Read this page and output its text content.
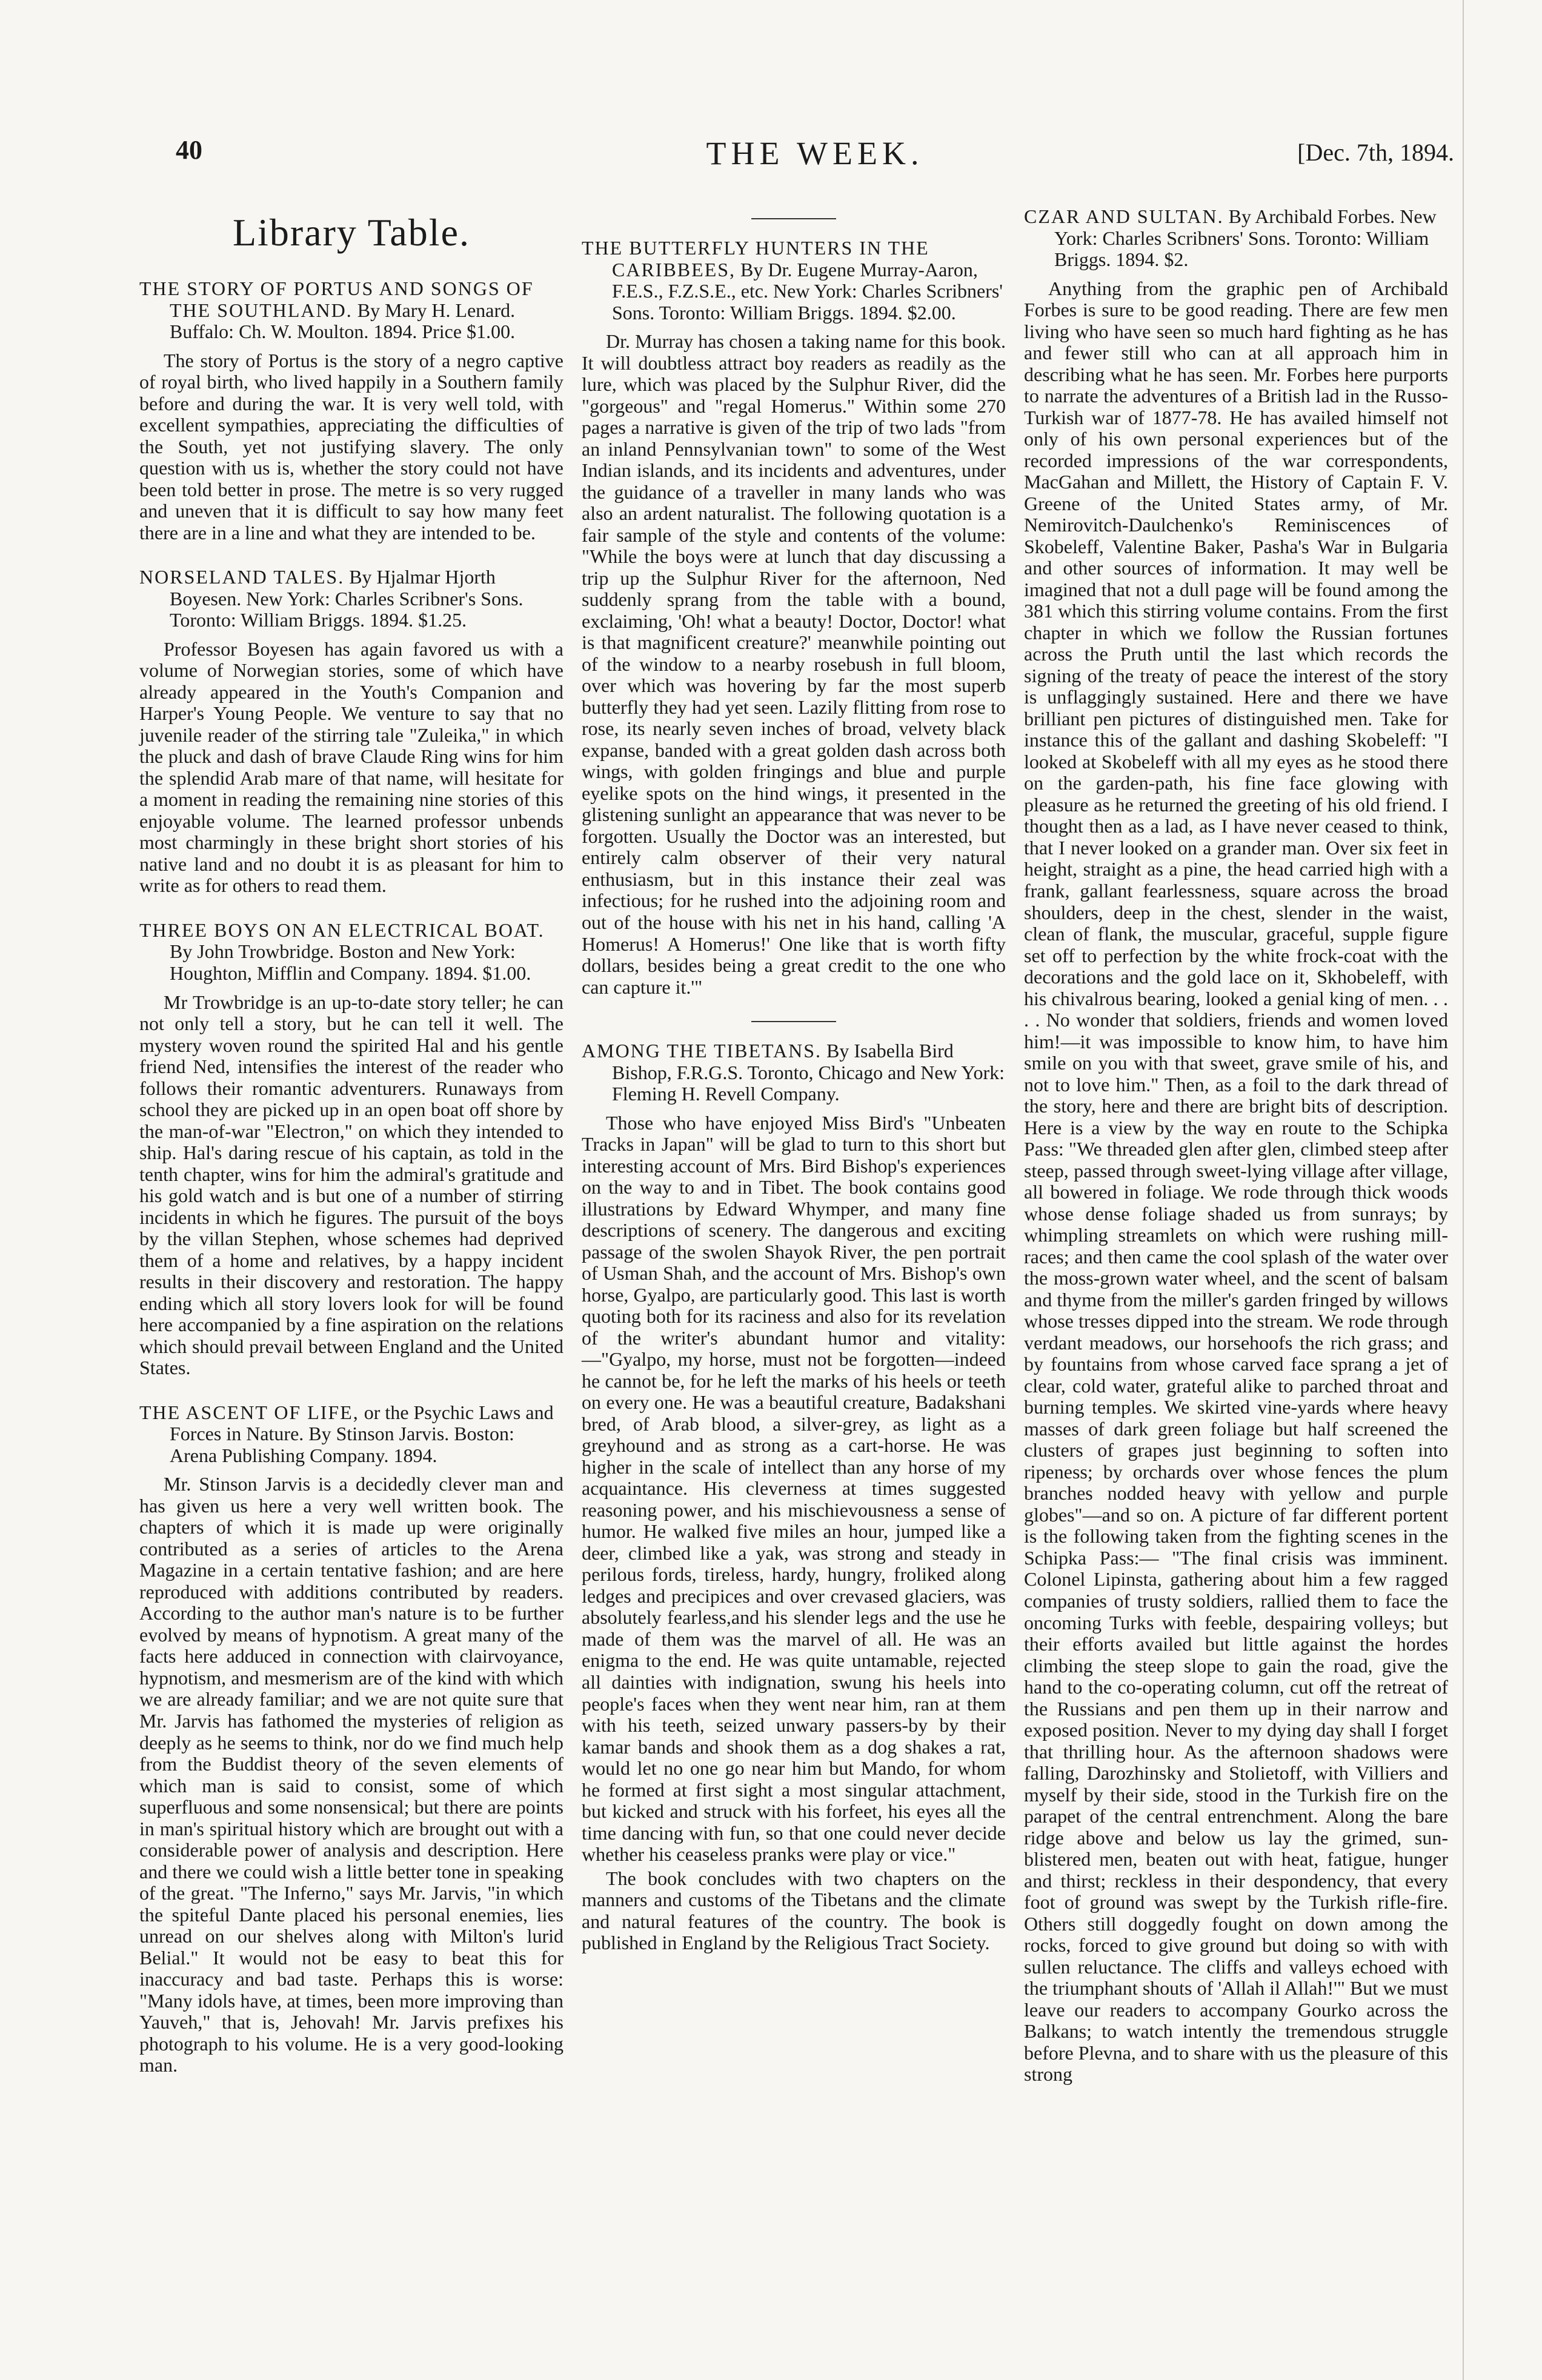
40	THE WEEK.	[Dec. 7th, 1894.
Library Table.
THE STORY OF PORTUS AND SONGS OF THE SOUTHLAND. By Mary H. Lenard. Buffalo: Ch. W. Moulton. 1894. Price $1.00.

The story of Portus is the story of a negro captive of royal birth, who lived happily in a Southern family before and during the war. It is very well told, with excellent sympathies, appreciating the difficulties of the South, yet not justifying slavery. The only question with us is, whether the story could not have been told better in prose. The metre is so very rugged and uneven that it is difficult to say how many feet there are in a line and what they are intended to be.

NORSELAND TALES. By Hjalmar Hjorth Boyesen. New York: Charles Scribner's Sons. Toronto: William Briggs. 1894. $1.25.

Professor Boyesen has again favored us with a volume of Norwegian stories, some of which have already appeared in the Youth's Companion and Harper's Young People. We venture to say that no juvenile reader of the stirring tale "Zuleika," in which the pluck and dash of brave Claude Ring wins for him the splendid Arab mare of that name, will hesitate for a moment in reading the remaining nine stories of this enjoyable volume. The learned professor unbends most charmingly in these bright short stories of his native land and no doubt it is as pleasant for him to write as for others to read them.

THREE BOYS ON AN ELECTRICAL BOAT. By John Trowbridge. Boston and New York: Houghton, Mifflin and Company. 1894. $1.00.

Mr Trowbridge is an up-to-date story teller; he can not only tell a story, but he can tell it well. The mystery woven round the spirited Hal and his gentle friend Ned, intensifies the interest of the reader who follows their romantic adventurers. Runaways from school they are picked up in an open boat off shore by the man-of-war "Electron," on which they intended to ship. Hal's daring rescue of his captain, as told in the tenth chapter, wins for him the admiral's gratitude and his gold watch and is but one of a number of stirring incidents in which he figures. The pursuit of the boys by the villan Stephen, whose schemes had deprived them of a home and relatives, by a happy incident results in their discovery and restoration. The happy ending which all story lovers look for will be found here accompanied by a fine aspiration on the relations which should prevail between England and the United States.

THE ASCENT OF LIFE, or the Psychic Laws and Forces in Nature. By Stinson Jarvis. Boston: Arena Publishing Company. 1894.

Mr. Stinson Jarvis is a decidedly clever man and has given us here a very well written book. The chapters of which it is made up were originally contributed as a series of articles to the Arena Magazine in a certain tentative fashion; and are here reproduced with additions contributed by readers. According to the author man's nature is to be further evolved by means of hypnotism. A great many of the facts here adduced in connection with clairvoyance, hypnotism, and mesmerism are of the kind with which we are already familiar; and we are not quite sure that Mr. Jarvis has fathomed the mysteries of religion as deeply as he seems to think, nor do we find much help from the Buddist theory of the seven elements of which man is said to consist, some of which superfluous and some nonsensical; but there are points in man's spiritual history which are brought out with a considerable power of analysis and description. Here and there we could wish a little better tone in speaking of the great. "The Inferno," says Mr. Jarvis, "in which the spiteful Dante placed his personal enemies, lies unread on our shelves along with Milton's lurid Belial." It would not be easy to beat this for inaccuracy and bad taste. Perhaps this is worse: "Many idols have, at times, been more improving than Yauveh," that is, Jehovah! Mr. Jarvis prefixes his photograph to his volume. He is a very good-looking man.

THE BUTTERFLY HUNTERS IN THE CARIBBEES, By Dr. Eugene Murray-Aaron, F.E.S., F.Z.S.E., etc. New York: Charles Scribners' Sons. Toronto: William Briggs. 1894. $2.00.

Dr. Murray has chosen a taking name for this book. It will doubtless attract boy readers as readily as the lure, which was placed by the Sulphur River, did the "gorgeous" and "regal Homerus." Within some 270 pages a narrative is given of the trip of two lads "from an inland Pennsylvanian town" to some of the West Indian islands, and its incidents and adventures, under the guidance of a traveller in many lands who was also an ardent naturalist. The following quotation is a fair sample of the style and contents of the volume: "While the boys were at lunch that day discussing a trip up the Sulphur River for the afternoon, Ned suddenly sprang from the table with a bound, exclaiming, 'Oh! what a beauty! Doctor, Doctor! what is that magnificent creature?' meanwhile pointing out of the window to a nearby rosebush in full bloom, over which was hovering by far the most superb butterfly they had yet seen. Lazily flitting from rose to rose, its nearly seven inches of broad, velvety black expanse, banded with a great golden dash across both wings, with golden fringings and blue and purple eyelike spots on the hind wings, it presented in the glistening sunlight an appearance that was never to be forgotten. Usually the Doctor was an interested, but entirely calm observer of their very natural enthusiasm, but in this instance their zeal was infectious; for he rushed into the adjoining room and out of the house with his net in his hand, calling 'A Homerus! A Homerus!' One like that is worth fifty dollars, besides being a great credit to the one who can capture it.'"

AMONG THE TIBETANS. By Isabella Bird Bishop, F.R.G.S. Toronto, Chicago and New York: Fleming H. Revell Company.

Those who have enjoyed Miss Bird's "Unbeaten Tracks in Japan" will be glad to turn to this short but interesting account of Mrs. Bird Bishop's experiences on the way to and in Tibet. The book contains good illustrations by Edward Whymper, and many fine descriptions of scenery. The dangerous and exciting passage of the swolen Shayok River, the pen portrait of Usman Shah, and the account of Mrs. Bishop's own horse, Gyalpo, are particularly good. This last is worth quoting both for its raciness and also for its revelation of the writer's abundant humor and vitality:—"Gyalpo, my horse, must not be forgotten—indeed he cannot be, for he left the marks of his heels or teeth on every one. He was a beautiful creature, Badakshani bred, of Arab blood, a silver-grey, as light as a greyhound and as strong as a cart-horse. He was higher in the scale of intellect than any horse of my acquaintance. His cleverness at times suggested reasoning power, and his mischievousness a sense of humor. He walked five miles an hour, jumped like a deer, climbed like a yak, was strong and steady in perilous fords, tireless, hardy, hungry, froliked along ledges and precipices and over crevased glaciers, was absolutely fearless,and his slender legs and the use he made of them was the marvel of all. He was an enigma to the end. He was quite untamable, rejected all dainties with indignation, swung his heels into people's faces when they went near him, ran at them with his teeth, seized unwary passers-by by their kamar bands and shook them as a dog shakes a rat, would let no one go near him but Mando, for whom he formed at first sight a most singular attachment, but kicked and struck with his forfeet, his eyes all the time dancing with fun, so that one could never decide whether his ceaseless pranks were play or vice."

The book concludes with two chapters on the manners and customs of the Tibetans and the climate and natural features of the country. The book is published in England by the Religious Tract Society.

CZAR AND SULTAN. By Archibald Forbes. New York: Charles Scribners' Sons. Toronto: William Briggs. 1894. $2.

Anything from the graphic pen of Archibald Forbes is sure to be good reading. There are few men living who have seen so much hard fighting as he has and fewer still who can at all approach him in describing what he has seen. Mr. Forbes here purports to narrate the adventures of a British lad in the Russo-Turkish war of 1877-78. He has availed himself not only of his own personal experiences but of the recorded impressions of the war correspondents, MacGahan and Millett, the History of Captain F. V. Greene of the United States army, of Mr. Nemirovitch-Daulchenko's Reminiscences of Skobeleff, Valentine Baker, Pasha's War in Bulgaria and other sources of information. It may well be imagined that not a dull page will be found among the 381 which this stirring volume contains. From the first chapter in which we follow the Russian fortunes across the Pruth until the last which records the signing of the treaty of peace the interest of the story is unflaggingly sustained. Here and there we have brilliant pen pictures of distinguished men. Take for instance this of the gallant and dashing Skobeleff: "I looked at Skobeleff with all my eyes as he stood there on the garden-path, his fine face glowing with pleasure as he returned the greeting of his old friend. I thought then as a lad, as I have never ceased to think, that I never looked on a grander man. Over six feet in height, straight as a pine, the head carried high with a frank, gallant fearlessness, square across the broad shoulders, deep in the chest, slender in the waist, clean of flank, the muscular, graceful, supple figure set off to perfection by the white frock-coat with the decorations and the gold lace on it, Skhobeleff, with his chivalrous bearing, looked a genial king of men. . . . . No wonder that soldiers, friends and women loved him!—it was impossible to know him, to have him smile on you with that sweet, grave smile of his, and not to love him." Then, as a foil to the dark thread of the story, here and there are bright bits of description. Here is a view by the way en route to the Schipka Pass: "We threaded glen after glen, climbed steep after steep, passed through sweet-lying village after village, all bowered in foliage. We rode through thick woods whose dense foliage shaded us from sunrays; by whimpling streamlets on which were rushing mill-races; and then came the cool splash of the water over the moss-grown water wheel, and the scent of balsam and thyme from the miller's garden fringed by willows whose tresses dipped into the stream. We rode through verdant meadows, our horsehoofs the rich grass; and by fountains from whose carved face sprang a jet of clear, cold water, grateful alike to parched throat and burning temples. We skirted vine-yards where heavy masses of dark green foliage but half screened the clusters of grapes just beginning to soften into ripeness; by orchards over whose fences the plum branches nodded heavy with yellow and purple globes"—and so on. A picture of far different portent is the following taken from the fighting scenes in the Schipka Pass:— "The final crisis was imminent. Colonel Lipinsta, gathering about him a few ragged companies of trusty soldiers, rallied them to face the oncoming Turks with feeble, despairing volleys; but their efforts availed but little against the hordes climbing the steep slope to gain the road, give the hand to the co-operating column, cut off the retreat of the Russians and pen them up in their narrow and exposed position. Never to my dying day shall I forget that thrilling hour. As the afternoon shadows were falling, Darozhinsky and Stolietoff, with Villiers and myself by their side, stood in the Turkish fire on the parapet of the central entrenchment. Along the bare ridge above and below us lay the grimed, sun-blistered men, beaten out with heat, fatigue, hunger and thirst; reckless in their despondency, that every foot of ground was swept by the Turkish rifle-fire. Others still doggedly fought on down among the rocks, forced to give ground but doing so with with sullen reluctance. The cliffs and valleys echoed with the triumphant shouts of 'Allah il Allah!'" But we must leave our readers to accompany Gourko across the Balkans; to watch intently the tremendous struggle before Plevna, and to share with us the pleasure of this strong
